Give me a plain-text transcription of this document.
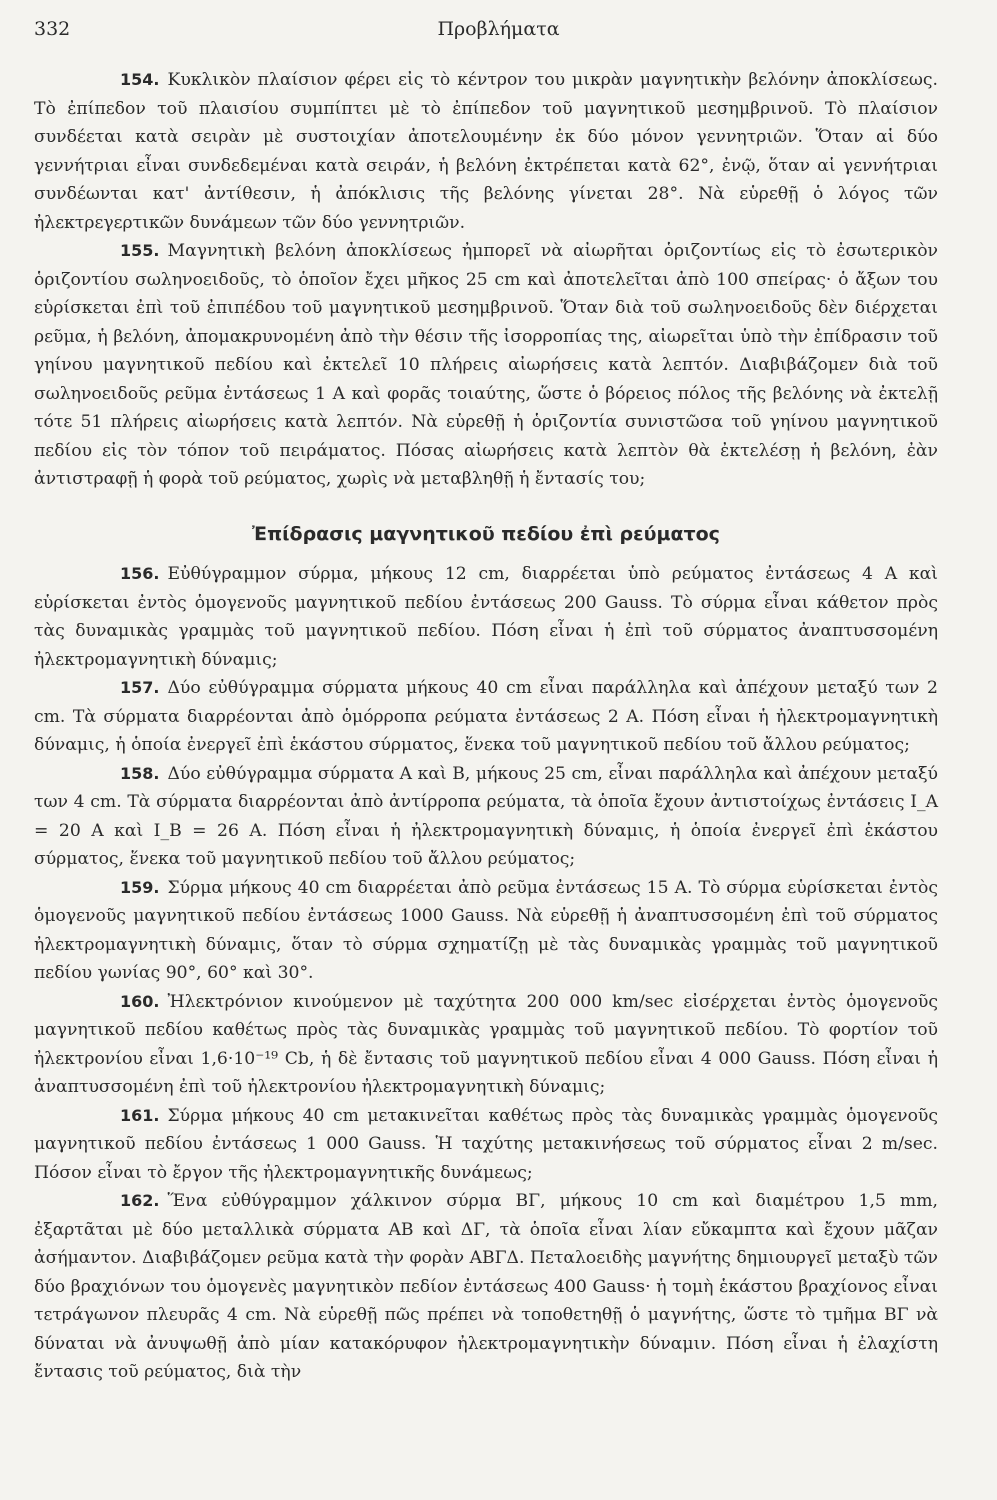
332	Προβλήματα

154. Κυκλικὸν πλαίσιον φέρει εἰς τὸ κέντρον του μικρὰν μαγνητικὴν βελόνην ἀποκλίσεως. Τὸ ἐπίπεδον τοῦ πλαισίου συμπίπτει μὲ τὸ ἐπίπεδον τοῦ μαγνητικοῦ μεσημβρινοῦ. Τὸ πλαίσιον συνδέεται κατὰ σειρὰν μὲ συστοιχίαν ἀποτελουμένην ἐκ δύο μόνον γεννητριῶν. Ὅταν αἱ δύο γεννήτριαι εἶναι συνδεδεμέναι κατὰ σειράν, ἡ βελόνη ἐκτρέπεται κατὰ 62°, ἐνῷ, ὅταν αἱ γεννήτριαι συνδέωνται κατ' ἀντίθεσιν, ἡ ἀπόκλισις τῆς βελόνης γίνεται 28°. Νὰ εὑρεθῇ ὁ λόγος τῶν ἠλεκτρεγερτικῶν δυνάμεων τῶν δύο γεννητριῶν.

155. Μαγνητικὴ βελόνη ἀποκλίσεως ἠμπορεῖ νὰ αἰωρῆται ὁριζοντίως εἰς τὸ ἐσωτερικὸν ὁριζοντίου σωληνοειδοῦς, τὸ ὁποῖον ἔχει μῆκος 25 cm καὶ ἀποτελεῖται ἀπὸ 100 σπείρας· ὁ ἄξων του εὑρίσκεται ἐπὶ τοῦ ἐπιπέδου τοῦ μαγνητικοῦ μεσημβρινοῦ. Ὅταν διὰ τοῦ σωληνοειδοῦς δὲν διέρχεται ρεῦμα, ἡ βελόνη, ἀπομακρυνομένη ἀπὸ τὴν θέσιν τῆς ἰσορροπίας της, αἰωρεῖται ὑπὸ τὴν ἐπίδρασιν τοῦ γηίνου μαγνητικοῦ πεδίου καὶ ἐκτελεῖ 10 πλήρεις αἰωρήσεις κατὰ λεπτόν. Διαβιβάζομεν διὰ τοῦ σωληνοειδοῦς ρεῦμα ἐντάσεως 1 A καὶ φορᾶς τοιαύτης, ὥστε ὁ βόρειος πόλος τῆς βελόνης νὰ ἐκτελῇ τότε 51 πλήρεις αἰωρήσεις κατὰ λεπτόν. Νὰ εὑρεθῇ ἡ ὁριζοντία συνιστῶσα τοῦ γηίνου μαγνητικοῦ πεδίου εἰς τὸν τόπον τοῦ πειράματος. Πόσας αἰωρήσεις κατὰ λεπτὸν θὰ ἐκτελέσῃ ἡ βελόνη, ἐὰν ἀντιστραφῇ ἡ φορὰ τοῦ ρεύματος, χωρὶς νὰ μεταβληθῇ ἡ ἔντασίς του;

Ἐπίδρασις μαγνητικοῦ πεδίου ἐπὶ ρεύματος

156. Εὐθύγραμμον σύρμα, μήκους 12 cm, διαρρέεται ὑπὸ ρεύματος ἐντάσεως 4 A καὶ εὑρίσκεται ἐντὸς ὁμογενοῦς μαγνητικοῦ πεδίου ἐντάσεως 200 Gauss. Τὸ σύρμα εἶναι κάθετον πρὸς τὰς δυναμικὰς γραμμὰς τοῦ μαγνητικοῦ πεδίου. Πόση εἶναι ἡ ἐπὶ τοῦ σύρματος ἀναπτυσσομένη ἠλεκτρομαγνητικὴ δύναμις;

157. Δύο εὐθύγραμμα σύρματα μήκους 40 cm εἶναι παράλληλα καὶ ἀπέχουν μεταξύ των 2 cm. Τὰ σύρματα διαρρέονται ἀπὸ ὁμόρροπα ρεύματα ἐντάσεως 2 A. Πόση εἶναι ἡ ἠλεκτρομαγνητικὴ δύναμις, ἡ ὁποία ἐνεργεῖ ἐπὶ ἑκάστου σύρματος, ἕνεκα τοῦ μαγνητικοῦ πεδίου τοῦ ἄλλου ρεύματος;

158. Δύο εὐθύγραμμα σύρματα A καὶ B, μήκους 25 cm, εἶναι παράλληλα καὶ ἀπέχουν μεταξύ των 4 cm. Τὰ σύρματα διαρρέονται ἀπὸ ἀντίρροπα ρεύματα, τὰ ὁποῖα ἔχουν ἀντιστοίχως ἐντάσεις I_A = 20 A καὶ I_B = 26 A. Πόση εἶναι ἡ ἠλεκτρομαγνητικὴ δύναμις, ἡ ὁποία ἐνεργεῖ ἐπὶ ἑκάστου σύρματος, ἕνεκα τοῦ μαγνητικοῦ πεδίου τοῦ ἄλλου ρεύματος;

159. Σύρμα μήκους 40 cm διαρρέεται ἀπὸ ρεῦμα ἐντάσεως 15 A. Τὸ σύρμα εὑρίσκεται ἐντὸς ὁμογενοῦς μαγνητικοῦ πεδίου ἐντάσεως 1000 Gauss. Νὰ εὑρεθῇ ἡ ἀναπτυσσομένη ἐπὶ τοῦ σύρματος ἠλεκτρομαγνητικὴ δύναμις, ὅταν τὸ σύρμα σχηματίζῃ μὲ τὰς δυναμικὰς γραμμὰς τοῦ μαγνητικοῦ πεδίου γωνίας 90°, 60° καὶ 30°.

160. Ἠλεκτρόνιον κινούμενον μὲ ταχύτητα 200 000 km/sec εἰσέρχεται ἐντὸς ὁμογενοῦς μαγνητικοῦ πεδίου καθέτως πρὸς τὰς δυναμικὰς γραμμὰς τοῦ μαγνητικοῦ πεδίου. Τὸ φορτίον τοῦ ἠλεκτρονίου εἶναι 1,6·10⁻¹⁹ Cb, ἡ δὲ ἔντασις τοῦ μαγνητικοῦ πεδίου εἶναι 4 000 Gauss. Πόση εἶναι ἡ ἀναπτυσσομένη ἐπὶ τοῦ ἠλεκτρονίου ἠλεκτρομαγνητικὴ δύναμις;

161. Σύρμα μήκους 40 cm μετακινεῖται καθέτως πρὸς τὰς δυναμικὰς γραμμὰς ὁμογενοῦς μαγνητικοῦ πεδίου ἐντάσεως 1 000 Gauss. Ἡ ταχύτης μετακινήσεως τοῦ σύρματος εἶναι 2 m/sec. Πόσον εἶναι τὸ ἔργον τῆς ἠλεκτρομαγνητικῆς δυνάμεως;

162. Ἕνα εὐθύγραμμον χάλκινον σύρμα ΒΓ, μήκους 10 cm καὶ διαμέτρου 1,5 mm, ἐξαρτᾶται μὲ δύο μεταλλικὰ σύρματα ΑΒ καὶ ΔΓ, τὰ ὁποῖα εἶναι λίαν εὔκαμπτα καὶ ἔχουν μᾶζαν ἀσήμαντον. Διαβιβάζομεν ρεῦμα κατὰ τὴν φορὰν ΑΒΓΔ. Πεταλοειδὴς μαγνήτης δημιουργεῖ μεταξὺ τῶν δύο βραχιόνων του ὁμογενὲς μαγνητικὸν πεδίον ἐντάσεως 400 Gauss· ἡ τομὴ ἑκάστου βραχίονος εἶναι τετράγωνον πλευρᾶς 4 cm. Νὰ εὑρεθῇ πῶς πρέπει νὰ τοποθετηθῇ ὁ μαγνήτης, ὥστε τὸ τμῆμα ΒΓ νὰ δύναται νὰ ἀνυψωθῇ ἀπὸ μίαν κατακόρυφον ἠλεκτρομαγνητικὴν δύναμιν. Πόση εἶναι ἡ ἐλαχίστη ἔντασις τοῦ ρεύματος, διὰ τὴν
